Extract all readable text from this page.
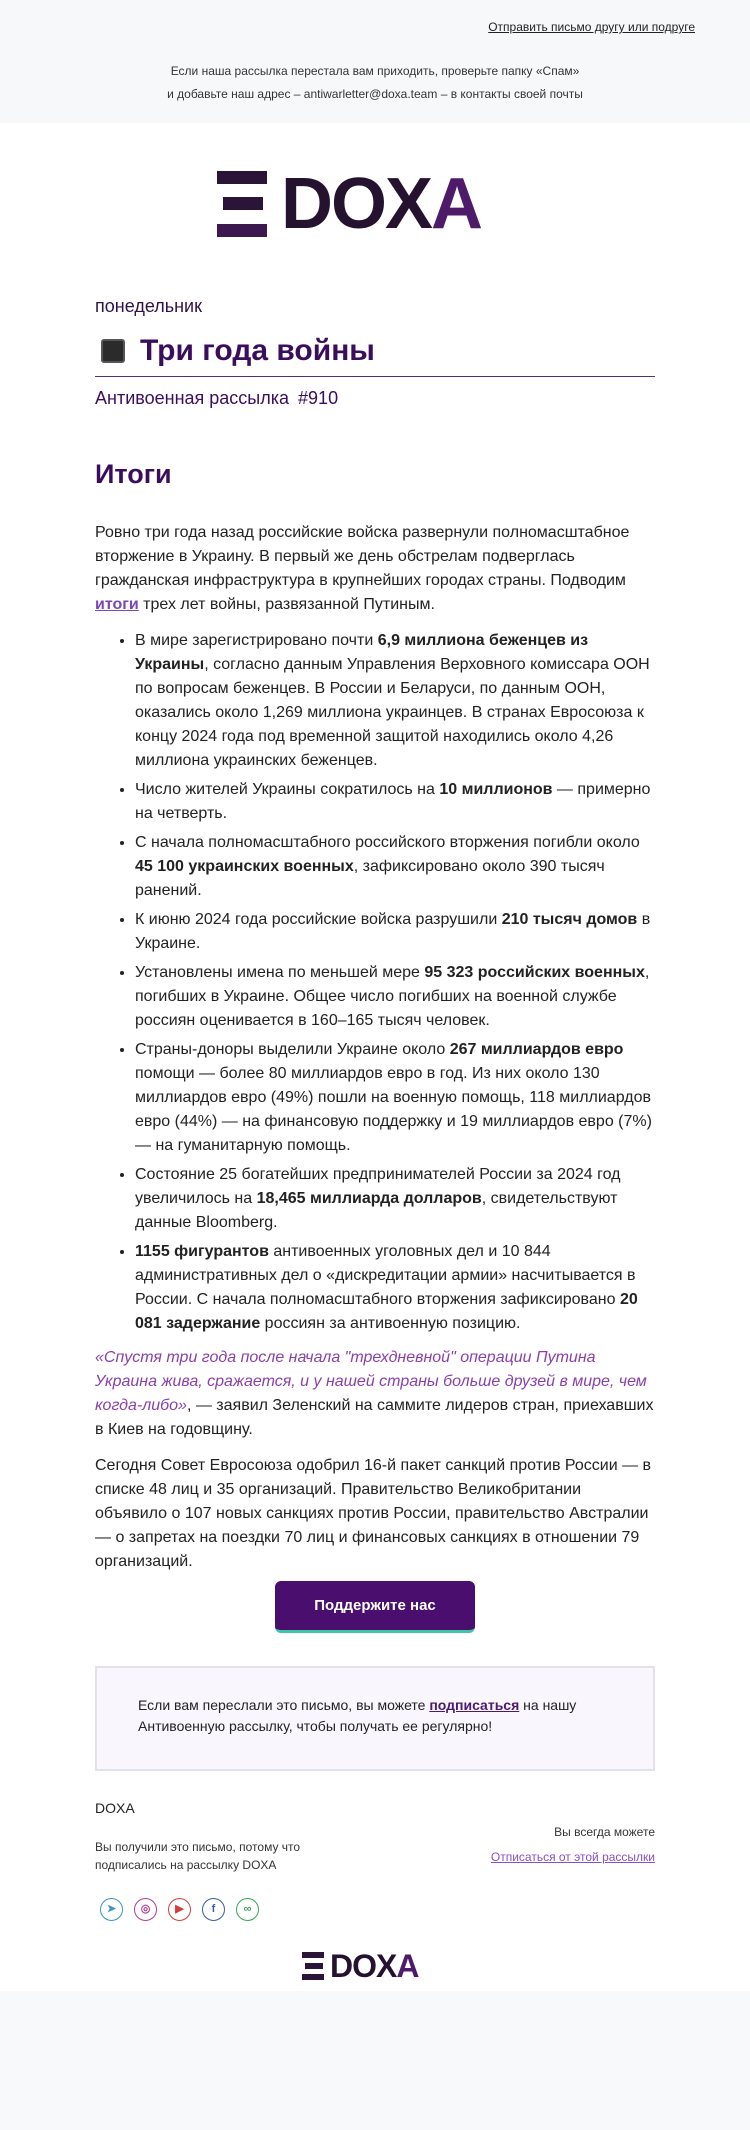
Отправить письмо другу или подруге
Если наша рассылка перестала вам приходить, проверьте папку «Спам»
и добавьте наш адрес – antiwarletter@doxa.team – в контакты своей почты
DOXA
понедельник
Три года войны
Антивоенная рассылка #910
Итоги

Ровно три года назад российские войска развернули полномасштабное вторжение в Украину. В первый же день обстрелам подверглась гражданская инфраструктура в крупнейших городах страны. Подводим итоги трех лет войны, развязанной Путиным.

• В мире зарегистрировано почти 6,9 миллиона беженцев из Украины, согласно данным Управления Верховного комиссара ООН по вопросам беженцев. В России и Беларуси, по данным ООН, оказались около 1,269 миллиона украинцев. В странах Евросоюза к концу 2024 года под временной защитой находились около 4,26 миллиона украинских беженцев.
• Число жителей Украины сократилось на 10 миллионов — примерно на четверть.
• С начала полномасштабного российского вторжения погибли около 45 100 украинских военных, зафиксировано около 390 тысяч ранений.
• К июню 2024 года российские войска разрушили 210 тысяч домов в Украине.
• Установлены имена по меньшей мере 95 323 российских военных, погибших в Украине. Общее число погибших на военной службе россиян оценивается в 160–165 тысяч человек.
• Страны-доноры выделили Украине около 267 миллиардов евро помощи — более 80 миллиардов евро в год. Из них около 130 миллиардов евро (49%) пошли на военную помощь, 118 миллиардов евро (44%) — на финансовую поддержку и 19 миллиардов евро (7%) — на гуманитарную помощь.
• Состояние 25 богатейших предпринимателей России за 2024 год увеличилось на 18,465 миллиарда долларов, свидетельствуют данные Bloomberg.
• 1155 фигурантов антивоенных уголовных дел и 10 844 административных дел о «дискредитации армии» насчитывается в России. С начала полномасштабного вторжения зафиксировано 20 081 задержание россиян за антивоенную позицию.

«Спустя три года после начала "трехдневной" операции Путина Украина жива, сражается, и у нашей страны больше друзей в мире, чем когда-либо», — заявил Зеленский на саммите лидеров стран, приехавших в Киев на годовщину.

Сегодня Совет Евросоюза одобрил 16-й пакет санкций против России — в списке 48 лиц и 35 организаций. Правительство Великобритании объявило о 107 новых санкциях против России, правительство Австралии — о запретах на поездки 70 лиц и финансовых санкциях в отношении 79 организаций.

Поддержите нас
Если вам переслали это письмо, вы можете подписаться на нашу Антивоенную рассылку, чтобы получать ее регулярно!
DOXA
Вы получили это письмо, потому что подписались на рассылку DOXA
Вы всегда можете
Отписаться от этой рассылки
➤	◎	▶	f	∞
DOXA
